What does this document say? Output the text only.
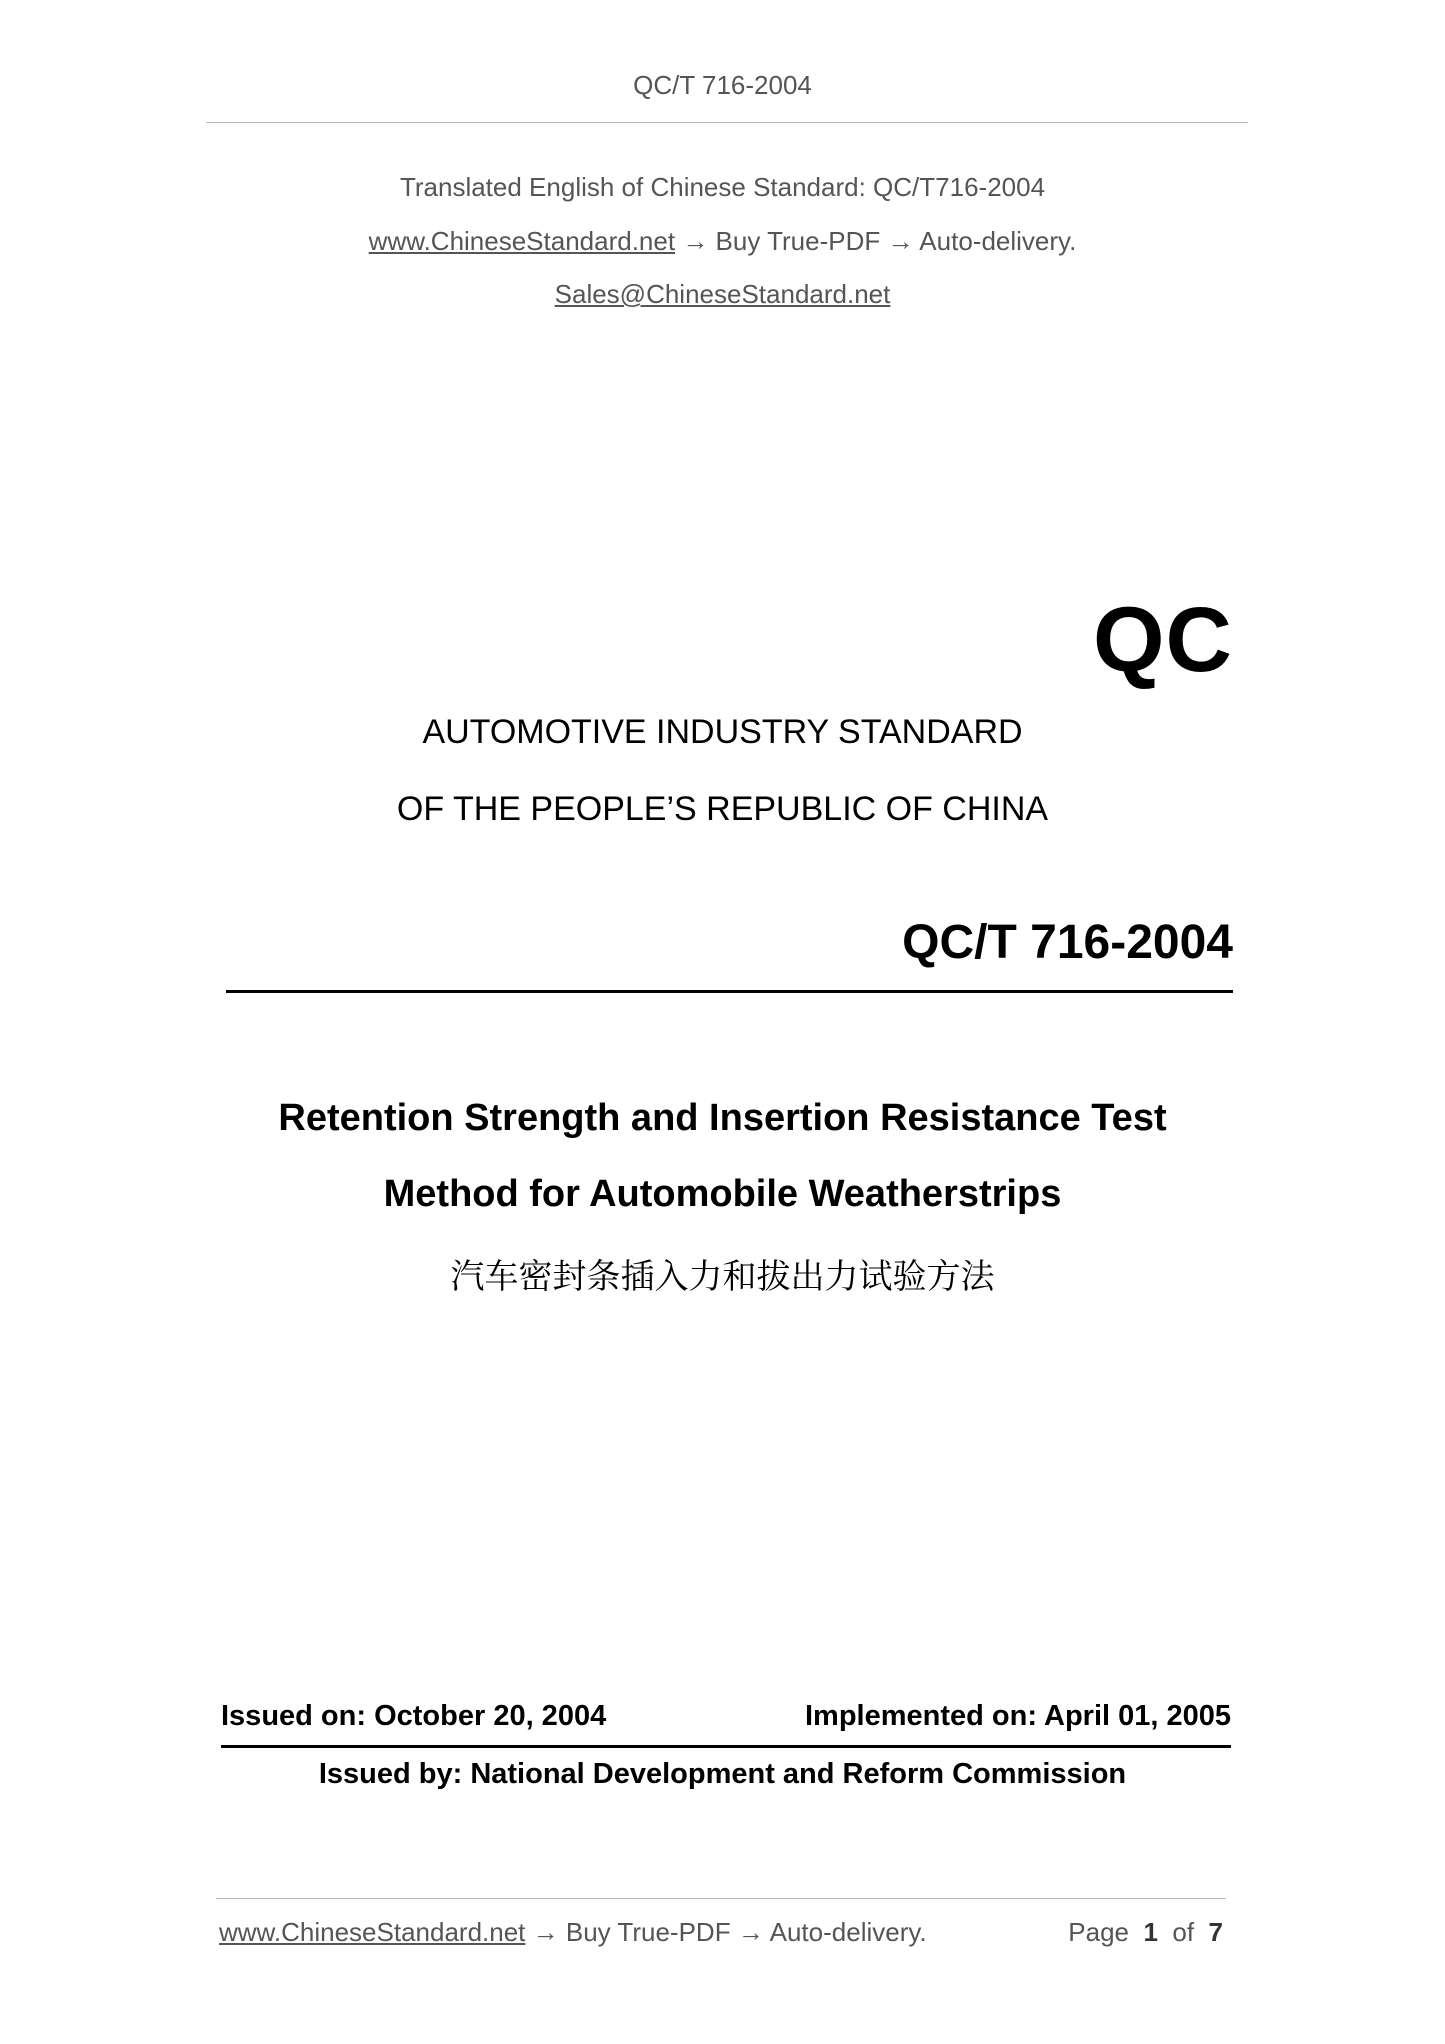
QC/T 716-2004
Translated English of Chinese Standard: QC/T716-2004
www.ChineseStandard.net → Buy True-PDF → Auto-delivery.
Sales@ChineseStandard.net
QC
AUTOMOTIVE INDUSTRY STANDARD
OF THE PEOPLE’S REPUBLIC OF CHINA
QC/T 716-2004
Retention Strength and Insertion Resistance Test
Method for Automobile Weatherstrips
汽车密封条插入力和拔出力试验方法
Issued on: October 20, 2004	Implemented on: April 01, 2005
Issued by: National Development and Reform Commission
www.ChineseStandard.net → Buy True-PDF → Auto-delivery.	Page 1 of 7
